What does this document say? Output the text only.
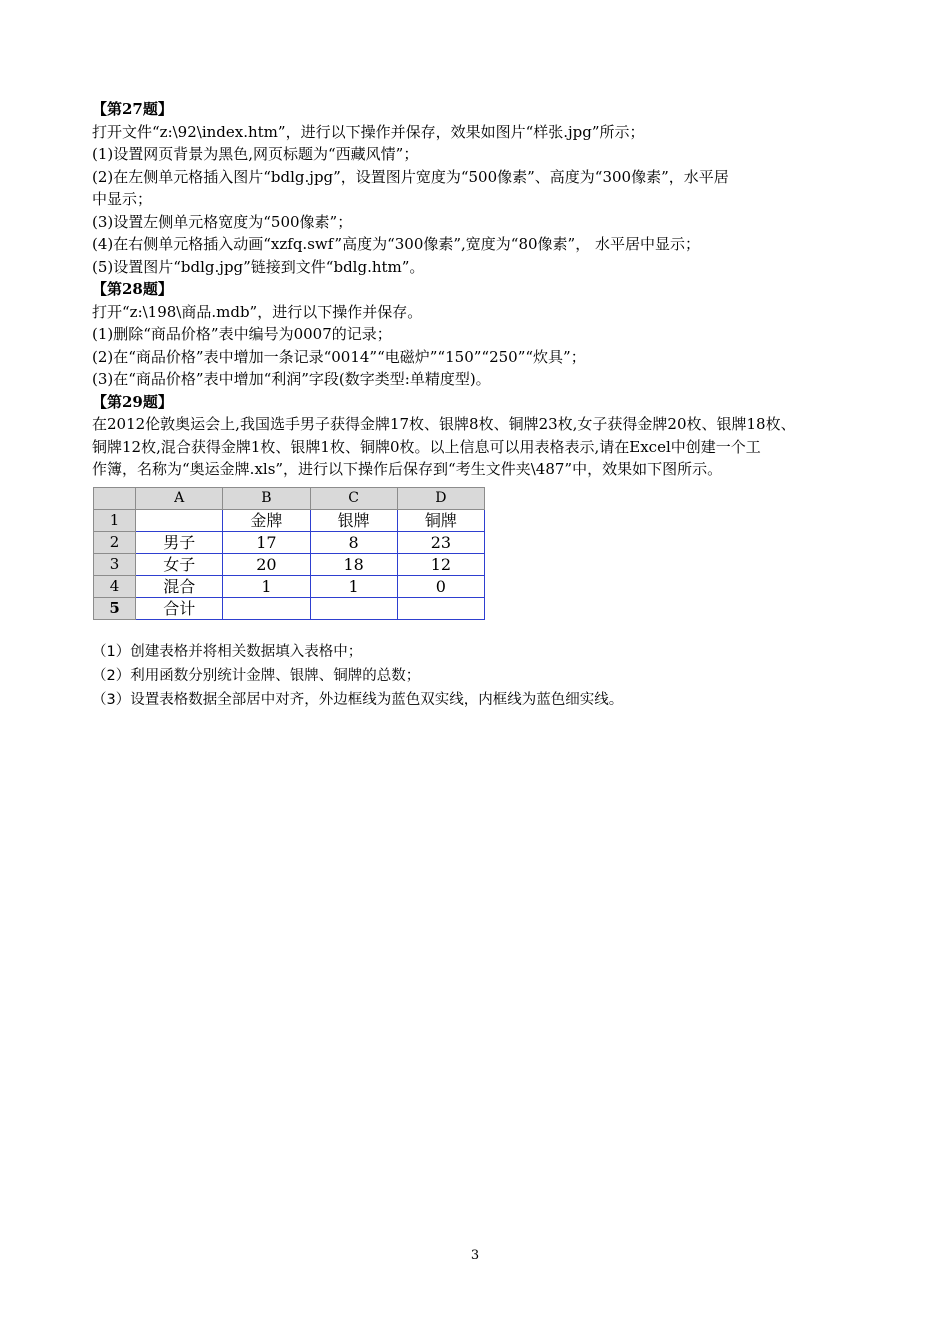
【第27题】
打开文件“z:\92\index.htm”，进行以下操作并保存，效果如图片“样张.jpg”所示；
(1)设置网页背景为黑色,网页标题为“西藏风情”；
(2)在左侧单元格插入图片“bdlg.jpg”，设置图片宽度为“500像素”、高度为“300像素”，水平居
中显示；
(3)设置左侧单元格宽度为“500像素”；
(4)在右侧单元格插入动画“xzfq.swf”高度为“300像素”,宽度为“80像素”， 水平居中显示；
(5)设置图片“bdlg.jpg”链接到文件“bdlg.htm”。
【第28题】
打开“z:\198\商品.mdb”，进行以下操作并保存。
(1)删除“商品价格”表中编号为0007的记录；
(2)在“商品价格”表中增加一条记录“0014”“电磁炉”“150”“250”“炊具”；
(3)在“商品价格”表中增加“利润”字段(数字类型:单精度型)。
【第29题】
在2012伦敦奥运会上,我国选手男子获得金牌17枚、银牌8枚、铜牌23枚,女子获得金牌20枚、银牌18枚、
铜牌12枚,混合获得金牌1枚、银牌1枚、铜牌0枚。以上信息可以用表格表示,请在Excel中创建一个工
作簿，名称为“奥运金牌.xls”，进行以下操作后保存到“考生文件夹\487”中，效果如下图所示。
	A	B	C	D
1		金牌	银牌	铜牌
2	男子	17	8	23
3	女子	20	18	12
4	混合	1	1	0
5	合计			
（1）创建表格并将相关数据填入表格中；
（2）利用函数分别统计金牌、银牌、铜牌的总数；
（3）设置表格数据全部居中对齐，外边框线为蓝色双实线，内框线为蓝色细实线。
3
